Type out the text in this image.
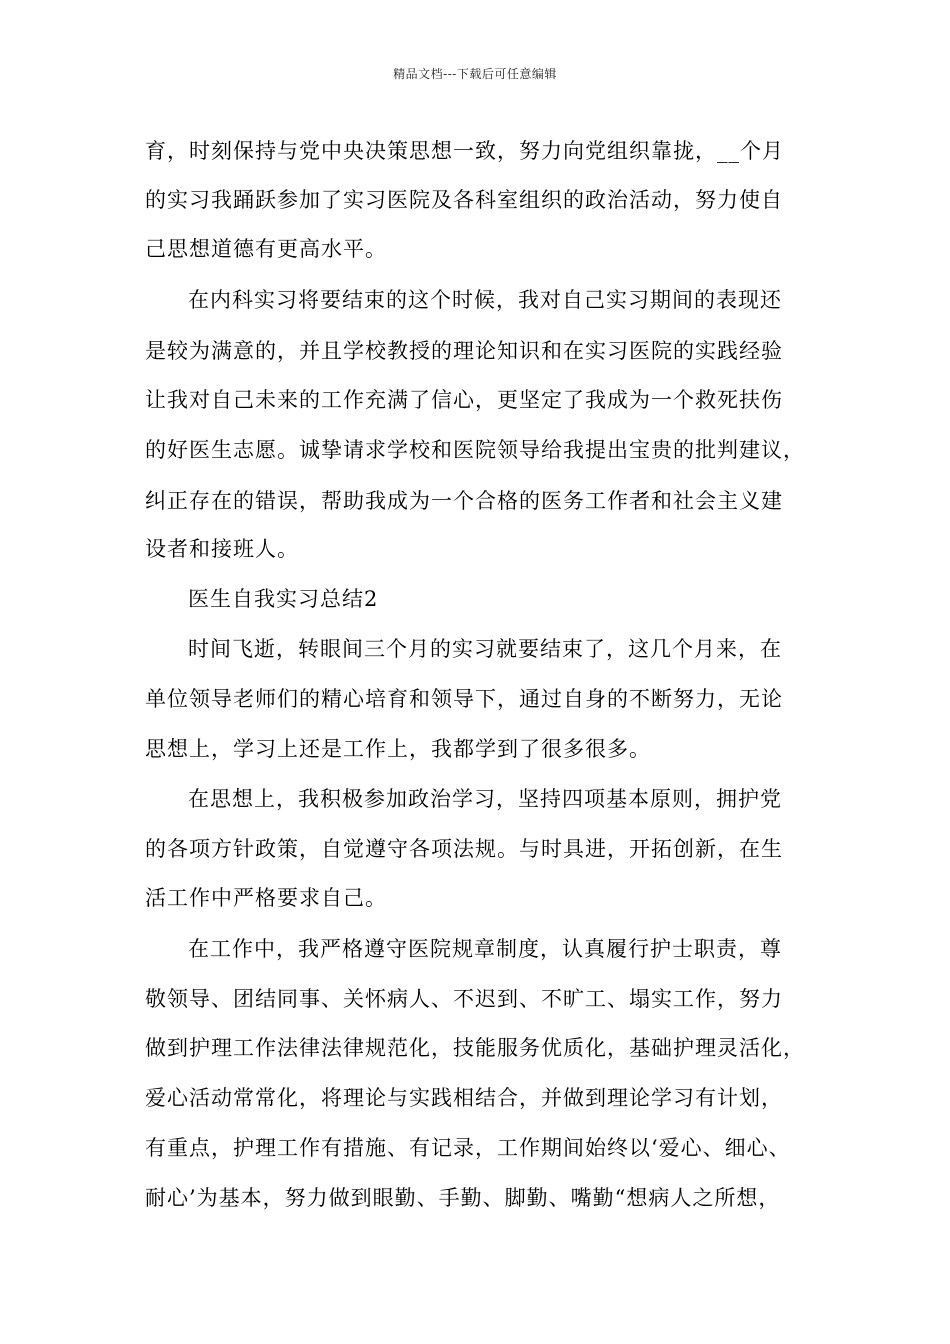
精品文档---下载后可任意编辑
育，时刻保持与党中央决策思想一致，努力向党组织靠拢，__个月
的实习我踊跃参加了实习医院及各科室组织的政治活动，努力使自
己思想道德有更高水平。
在内科实习将要结束的这个时候，我对自己实习期间的表现还
是较为满意的，并且学校教授的理论知识和在实习医院的实践经验
让我对自己未来的工作充满了信心，更坚定了我成为一个救死扶伤
的好医生志愿。诚挚请求学校和医院领导给我提出宝贵的批判建议，
纠正存在的错误，帮助我成为一个合格的医务工作者和社会主义建
设者和接班人。
医生自我实习总结2
时间飞逝，转眼间三个月的实习就要结束了，这几个月来，在
单位领导老师们的精心培育和领导下，通过自身的不断努力，无论
思想上，学习上还是工作上，我都学到了很多很多。
在思想上，我积极参加政治学习，坚持四项基本原则，拥护党
的各项方针政策，自觉遵守各项法规。与时具进，开拓创新，在生
活工作中严格要求自己。
在工作中，我严格遵守医院规章制度，认真履行护士职责，尊
敬领导、团结同事、关怀病人、不迟到、不旷工、塌实工作，努力
做到护理工作法律法律规范化，技能服务优质化，基础护理灵活化，
爱心活动常常化，将理论与实践相结合，并做到理论学习有计划，
有重点，护理工作有措施、有记录，工作期间始终以‘爱心、细心、
耐心’为基本，努力做到眼勤、手勤、脚勤、嘴勤“想病人之所想，
